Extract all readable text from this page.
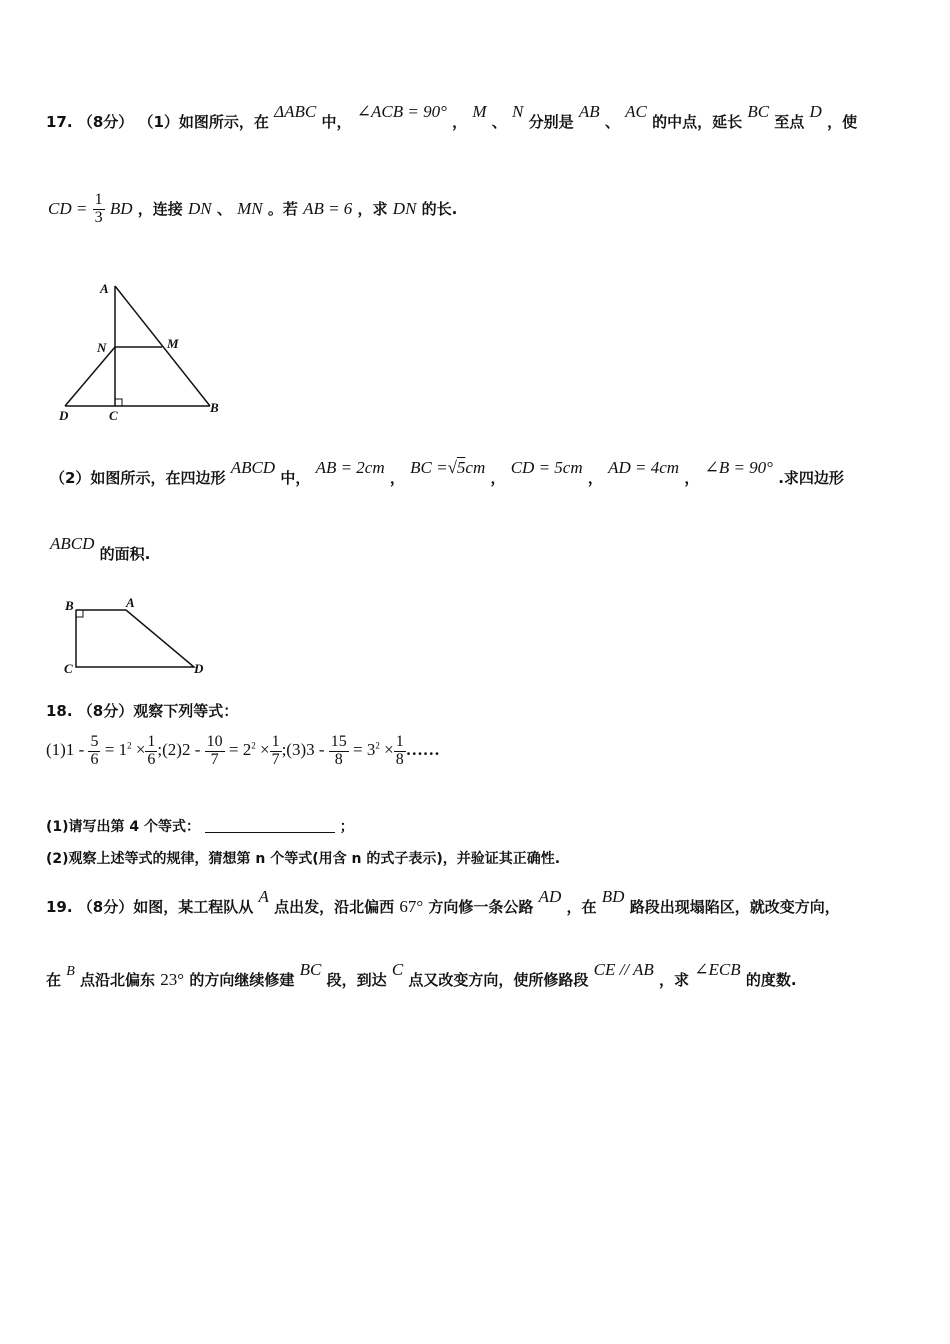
17. （8分） （1）如图所示，在 ΔABC 中， ∠ACB = 90° ， M 、 N 分别是 AB 、 AC 的中点，延长 BC 至点 D ，使
CD = $\frac{1}{3}$ BD ，连接 DN 、 MN 。若 AB = 6 ，求 DN 的长.
A
N	M
D	C
B
（2）如图所示，在四边形 ABCD 中， AB = 2cm ， BC =√5cm ， CD = 5cm ， AD = 4cm ， ∠B = 90° .求四边形
ABCD 的面积.
B	A
C	D
18. （8分）观察下列等式：
$(1)1 - \frac{5}{6} = 1^2 \times \frac{1}{6}$ ;(2)2 - $\frac{10}{7} = 2^2 \times \frac{1}{7}$ ;(3)3 - $\frac{15}{8} = 3^2 \times \frac{1}{8}$ ……
(1)请写出第 4 个等式：	；
(2)观察上述等式的规律，猜想第 n 个等式(用含 n 的式子表示)，并验证其正确性.
19. （8分）如图，某工程队从 A 点出发，沿北偏西 67° 方向修一条公路 AD ，在 BD 路段出现塌陷区，就改变方向，
在 B 点沿北偏东 23° 的方向继续修建 BC 段，到达 C 点又改变方向，使所修路段 CE // AB ，求 ∠ECB 的度数.
